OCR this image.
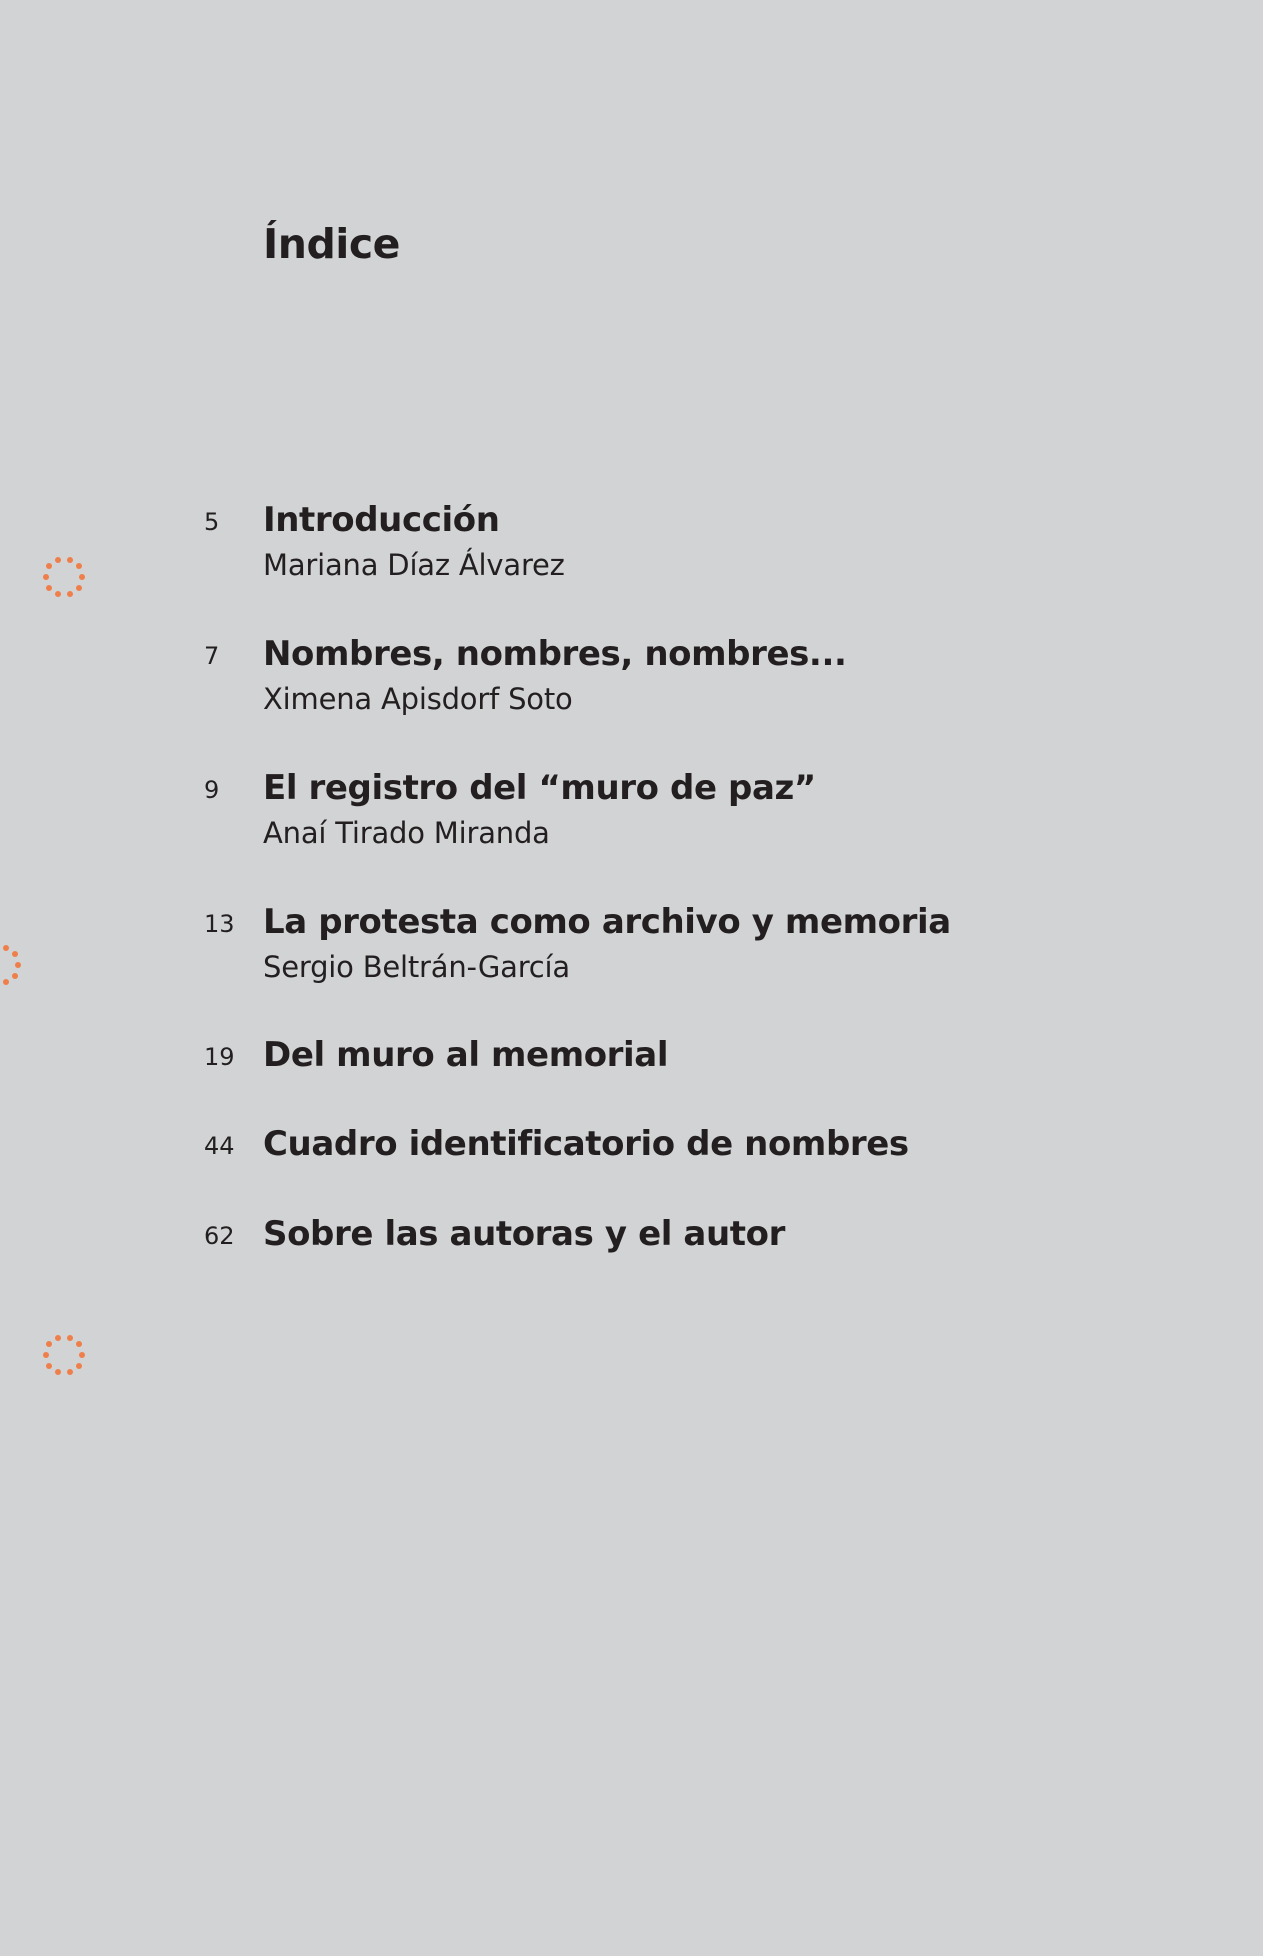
Índice
5 Introducción
Mariana Díaz Álvarez
7 Nombres, nombres, nombres...
Ximena Apisdorf Soto
9 El registro del “muro de paz”
Anaí Tirado Miranda
13 La protesta como archivo y memoria
Sergio Beltrán-García
19 Del muro al memorial
44 Cuadro identificatorio de nombres
62 Sobre las autoras y el autor
